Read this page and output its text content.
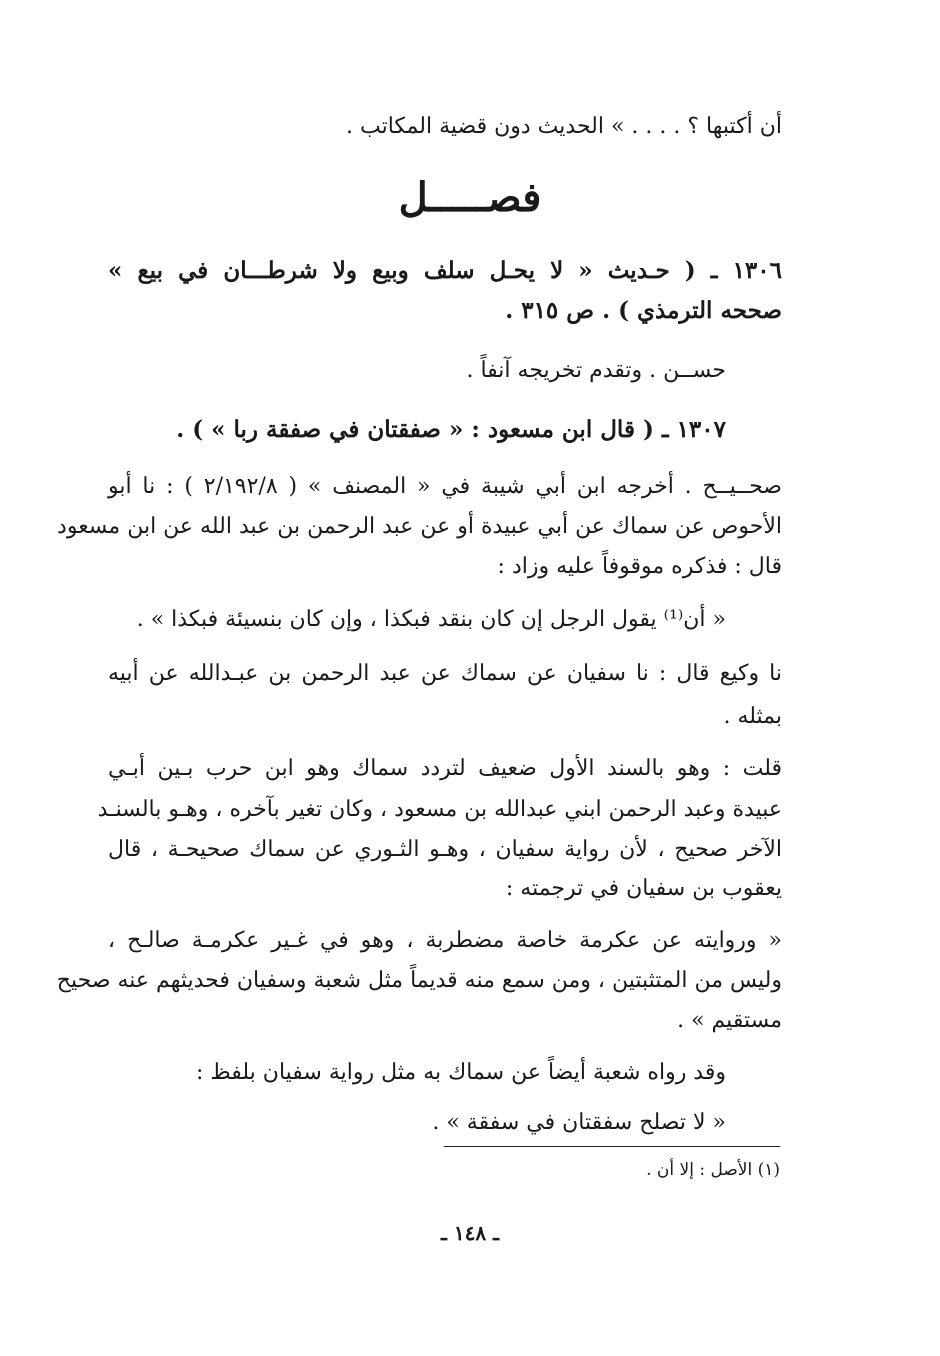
أن أكتبها ؟ . . . . » الحديث دون قضية المكاتب .
فصـــــل
١٣٠٦ ـ ( حـديث « لا يحـل سلف وبيع ولا شرطـــان في بيع »
صححه الترمذي ) . ص ٣١٥ .
حســن . وتقدم تخريجه آنفاً .
١٣٠٧ ـ ( قال ابن مسعود : « صفقتان في صفقة ربا » ) .
صحــيــح . أخرجه ابن أبي شيبة في « المصنف » ( ٢/١٩٢/٨ ) : نا أبو
الأحوص عن سماك عن أبي عبيدة أو عن عبد الرحمن بن عبد الله عن ابن مسعود
قال : فذكره موقوفاً عليه وزاد :
« أن⁽¹⁾ يقول الرجل إن كان بنقد فبكذا ، وإن كان بنسيئة فبكذا » .
نا وكيع قال : نا سفيان عن سماك عن عبد الرحمن بن عبـدالله عن أبيه
بمثله .
قلت : وهو بالسند الأول ضعيف لتردد سماك وهو ابن حرب بـين أبـي
عبيدة وعبد الرحمن ابني عبدالله بن مسعود ، وكان تغير بآخره ، وهـو بالسنـد
الآخر صحيح ، لأن رواية سفيان ، وهـو الثـوري عن سماك صحيحـة ، قال
يعقوب بن سفيان في ترجمته :
« وروايته عن عكرمة خاصة مضطربة ، وهو في غـير عكرمـة صالـح ،
وليس من المتثبتين ، ومن سمع منه قديماً مثل شعبة وسفيان فحديثهم عنه صحيح
مستقيم » .
وقد رواه شعبة أيضاً عن سماك به مثل رواية سفيان بلفظ :
« لا تصلح سفقتان في سفقة » .
(١) الأصل : إلا أن .
ـ ١٤٨ ـ
